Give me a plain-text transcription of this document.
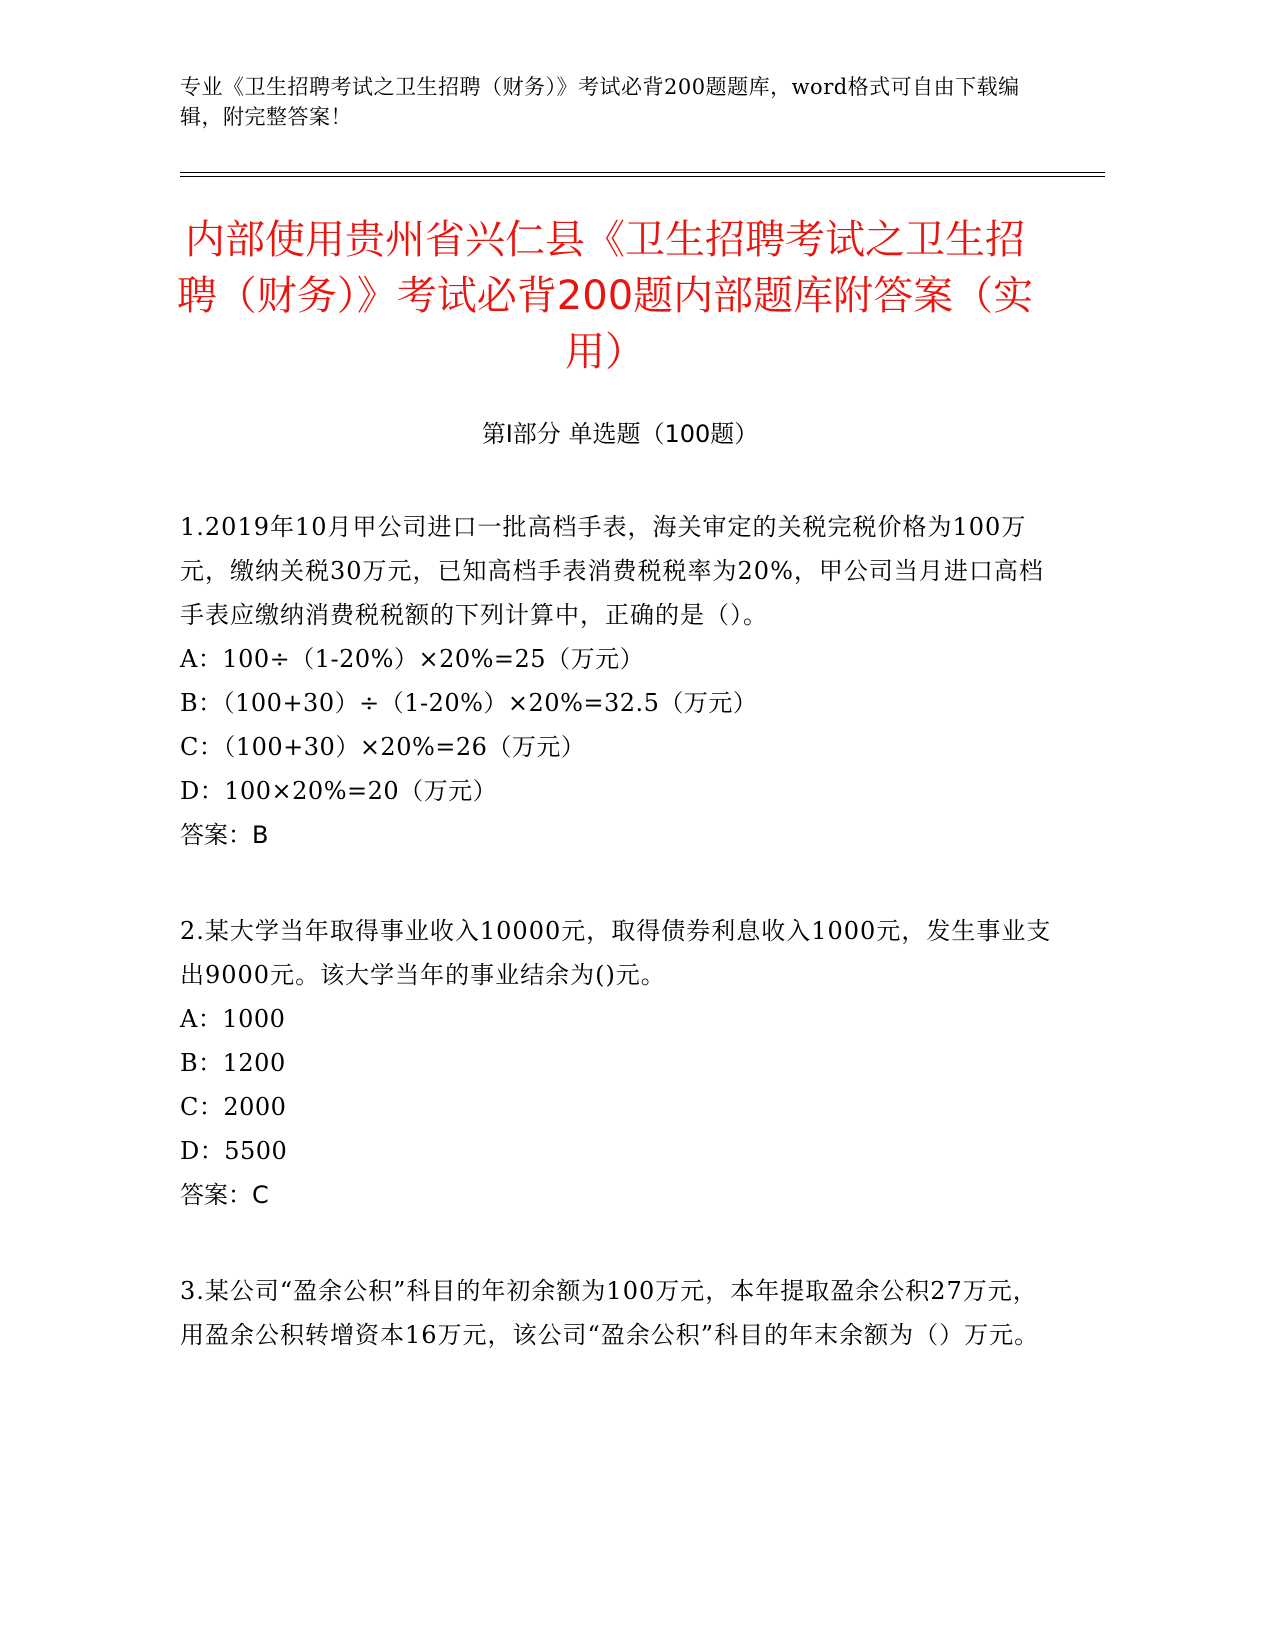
专业《卫生招聘考试之卫生招聘（财务）》考试必背200题题库，word格式可自由下载编辑，附完整答案！
内部使用贵州省兴仁县《卫生招聘考试之卫生招聘（财务）》考试必背200题内部题库附答案（实用）
第I部分 单选题（100题）
1.2019年10月甲公司进口一批高档手表，海关审定的关税完税价格为100万元，缴纳关税30万元，已知高档手表消费税税率为20%，甲公司当月进口高档手表应缴纳消费税税额的下列计算中，正确的是（）。
A：100÷（1-20%）×20%=25（万元）
B：（100+30）÷（1-20%）×20%=32.5（万元）
C：（100+30）×20%=26（万元）
D：100×20%=20（万元）
答案：B
2.某大学当年取得事业收入10000元，取得债券利息收入1000元，发生事业支出9000元。该大学当年的事业结余为()元。
A：1000
B：1200
C：2000
D：5500
答案：C
3.某公司“盈余公积”科目的年初余额为100万元，本年提取盈余公积27万元，用盈余公积转增资本16万元，该公司“盈余公积”科目的年末余额为（）万元。
